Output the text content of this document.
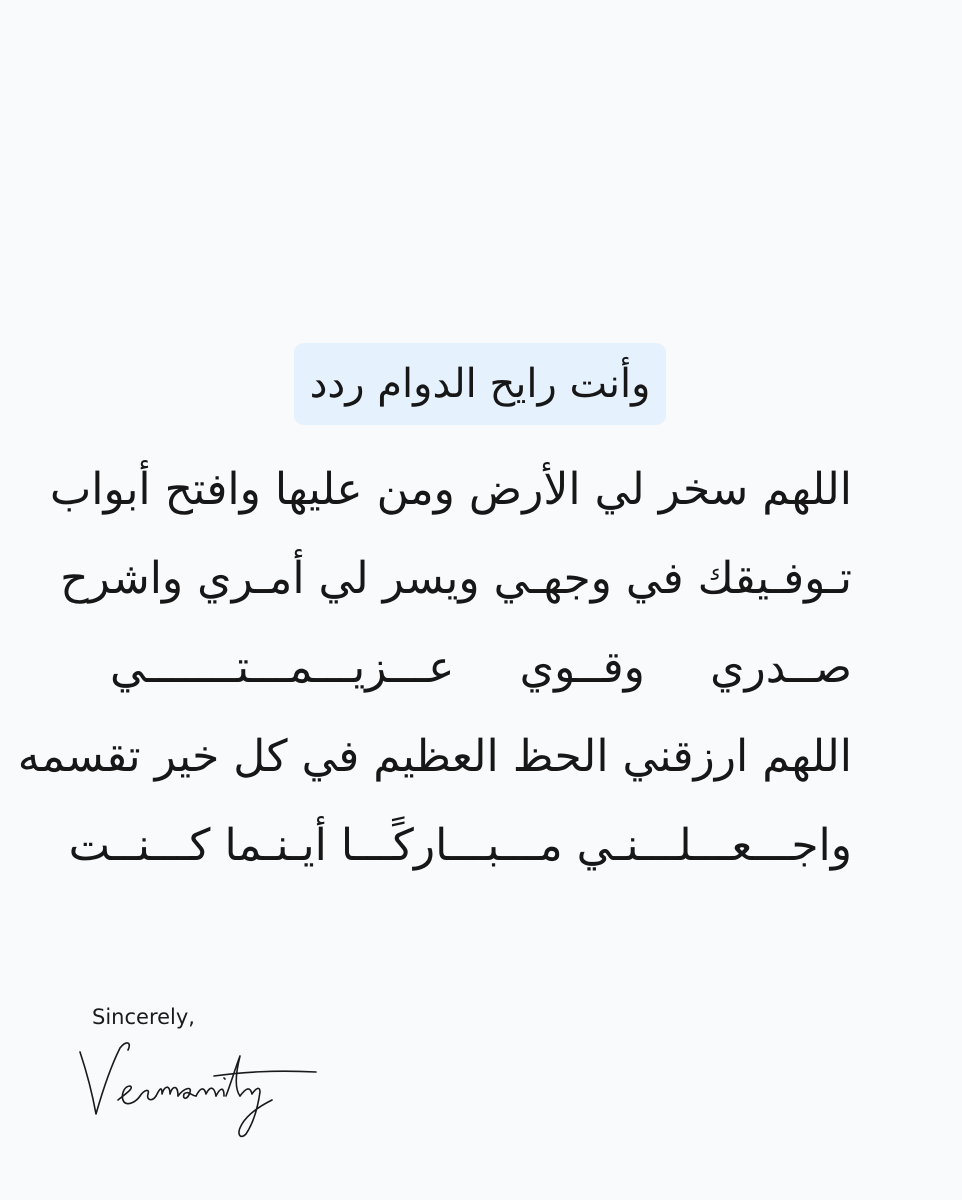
وأنت رايح الدوام ردد
اللهم سخر لي الأرض ومن عليها وافتح أبواب
تـوفـيقك في وجهـي ويسر لي أمـري واشرح
صــدري وقــوي عـــزيـــمـــتـــــــي
اللهم ارزقني الحظ العظيم في كل خير تقسمه
واجـــعـــلـــنـي مـــبـــاركًـــا أيـنـما كـــنــت
Sincerely,
